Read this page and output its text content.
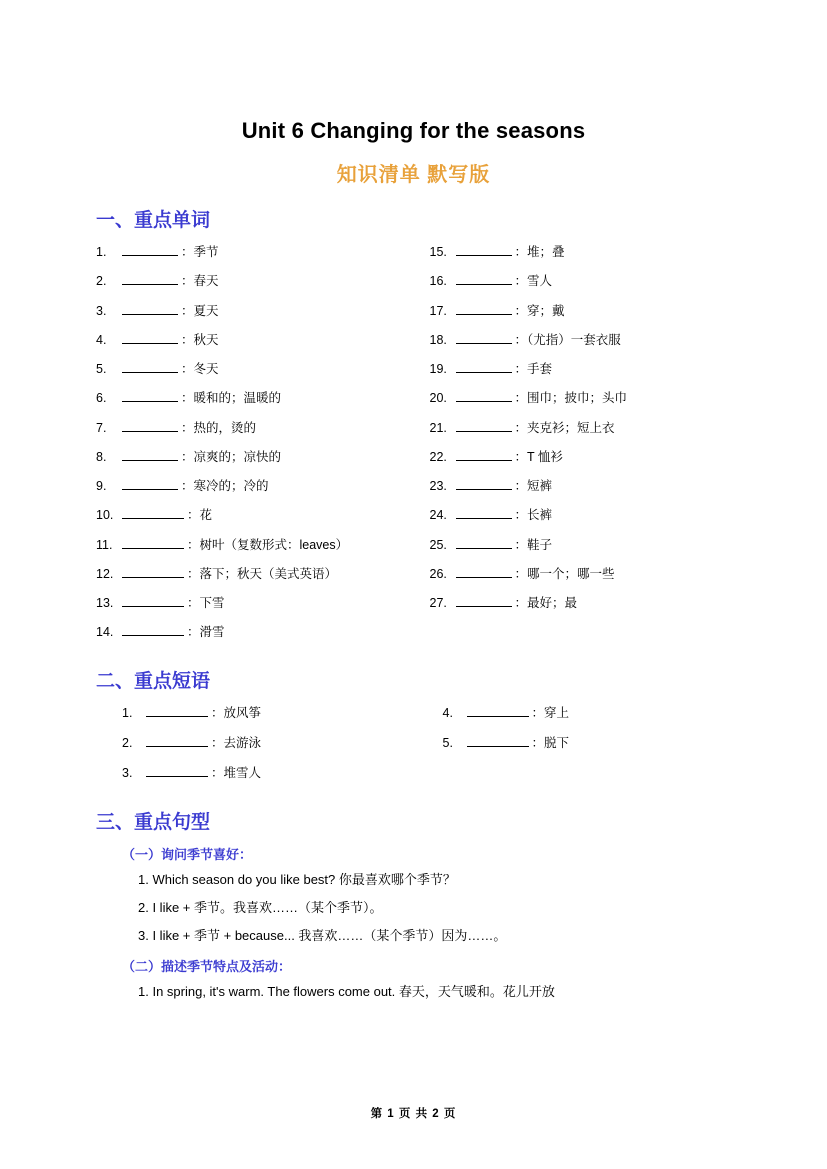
Unit 6 Changing for the seasons
知识清单 默写版
一、重点单词
1.	：季节
2.	：春天
3.	：夏天
4.	：秋天
5.	：冬天
6.	：暖和的；温暖的
7.	：热的，烫的
8.	：凉爽的；凉快的
9.	：寒冷的；冷的
10.	：花
11.	：树叶（复数形式：leaves）
12.	：落下；秋天（美式英语）
13.	：下雪
14.	：滑雪
15.	：堆；叠
16.	：雪人
17.	：穿；戴
18.	：（尤指）一套衣服
19.	：手套
20.	：围巾；披巾；头巾
21.	：夹克衫；短上衣
22.	：T 恤衫
23.	：短裤
24.	：长裤
25.	：鞋子
26.	：哪一个；哪一些
27.	：最好；最
二、重点短语
1.	：放风筝
2.	：去游泳
3.	：堆雪人
4.	：穿上
5.	：脱下
三、重点句型
（一）询问季节喜好：
1. Which season do you like best? 你最喜欢哪个季节？
2. I like + 季节。我喜欢……（某个季节）。
3. I like + 季节 + because... 我喜欢……（某个季节）因为……。
（二）描述季节特点及活动：
1. In spring, it's warm. The flowers come out. 春天，天气暖和。花儿开放
第 1 页 共 2 页
